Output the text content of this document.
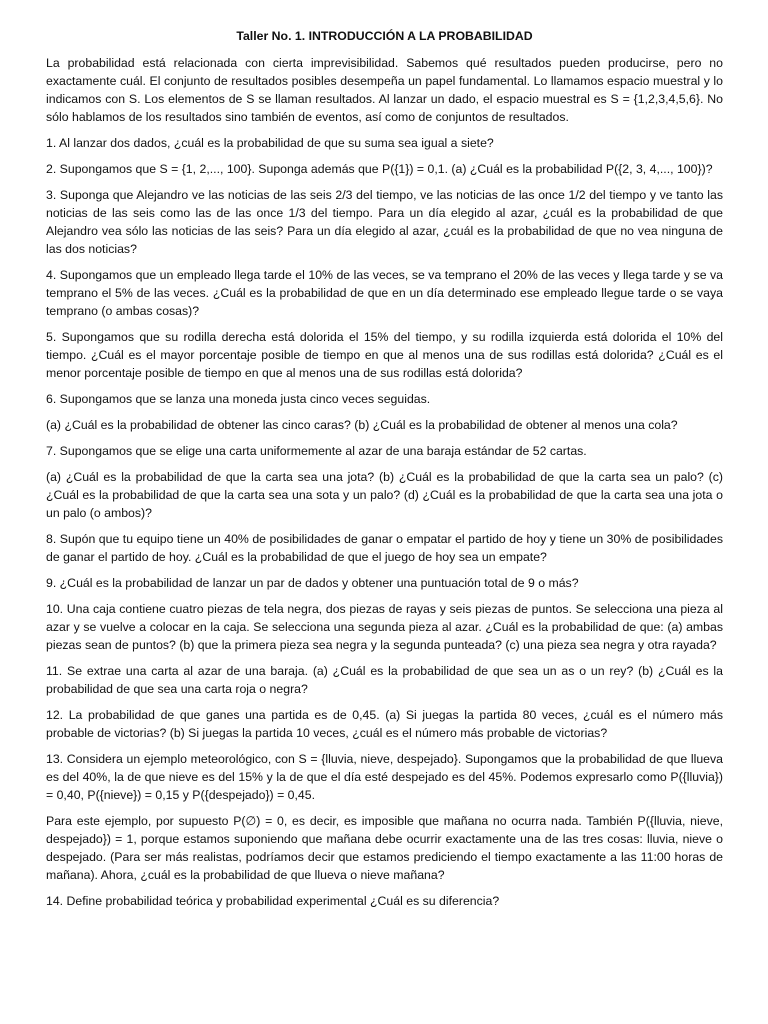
Taller No. 1. INTRODUCCIÓN A LA PROBABILIDAD

La probabilidad está relacionada con cierta imprevisibilidad. Sabemos qué resultados pueden producirse, pero no exactamente cuál. El conjunto de resultados posibles desempeña un papel fundamental. Lo llamamos espacio muestral y lo indicamos con S. Los elementos de S se llaman resultados. Al lanzar un dado, el espacio muestral es S = {1,2,3,4,5,6}. No sólo hablamos de los resultados sino también de eventos, así como de conjuntos de resultados.

1. Al lanzar dos dados, ¿cuál es la probabilidad de que su suma sea igual a siete?

2. Supongamos que S = {1, 2,..., 100}. Suponga además que P({1}) = 0,1. (a) ¿Cuál es la probabilidad P({2, 3, 4,..., 100})?

3. Suponga que Alejandro ve las noticias de las seis 2/3 del tiempo, ve las noticias de las once 1/2 del tiempo y ve tanto las noticias de las seis como las de las once 1/3 del tiempo. Para un día elegido al azar, ¿cuál es la probabilidad de que Alejandro vea sólo las noticias de las seis? Para un día elegido al azar, ¿cuál es la probabilidad de que no vea ninguna de las dos noticias?

4. Supongamos que un empleado llega tarde el 10% de las veces, se va temprano el 20% de las veces y llega tarde y se va temprano el 5% de las veces. ¿Cuál es la probabilidad de que en un día determinado ese empleado llegue tarde o se vaya temprano (o ambas cosas)?

5. Supongamos que su rodilla derecha está dolorida el 15% del tiempo, y su rodilla izquierda está dolorida el 10% del tiempo. ¿Cuál es el mayor porcentaje posible de tiempo en que al menos una de sus rodillas está dolorida? ¿Cuál es el menor porcentaje posible de tiempo en que al menos una de sus rodillas está dolorida?

6. Supongamos que se lanza una moneda justa cinco veces seguidas.

(a) ¿Cuál es la probabilidad de obtener las cinco caras? (b) ¿Cuál es la probabilidad de obtener al menos una cola?

7. Supongamos que se elige una carta uniformemente al azar de una baraja estándar de 52 cartas.

(a) ¿Cuál es la probabilidad de que la carta sea una jota? (b) ¿Cuál es la probabilidad de que la carta sea un palo? (c) ¿Cuál es la probabilidad de que la carta sea una sota y un palo? (d) ¿Cuál es la probabilidad de que la carta sea una jota o un palo (o ambos)?

8. Supón que tu equipo tiene un 40% de posibilidades de ganar o empatar el partido de hoy y tiene un 30% de posibilidades de ganar el partido de hoy. ¿Cuál es la probabilidad de que el juego de hoy sea un empate?

9. ¿Cuál es la probabilidad de lanzar un par de dados y obtener una puntuación total de 9 o más?

10. Una caja contiene cuatro piezas de tela negra, dos piezas de rayas y seis piezas de puntos. Se selecciona una pieza al azar y se vuelve a colocar en la caja. Se selecciona una segunda pieza al azar. ¿Cuál es la probabilidad de que: (a) ambas piezas sean de puntos? (b) que la primera pieza sea negra y la segunda punteada? (c) una pieza sea negra y otra rayada?

11. Se extrae una carta al azar de una baraja. (a) ¿Cuál es la probabilidad de que sea un as o un rey? (b) ¿Cuál es la probabilidad de que sea una carta roja o negra?

12. La probabilidad de que ganes una partida es de 0,45. (a) Si juegas la partida 80 veces, ¿cuál es el número más probable de victorias? (b) Si juegas la partida 10 veces, ¿cuál es el número más probable de victorias?

13. Considera un ejemplo meteorológico, con S = {lluvia, nieve, despejado}. Supongamos que la probabilidad de que llueva es del 40%, la de que nieve es del 15% y la de que el día esté despejado es del 45%. Podemos expresarlo como P({lluvia}) = 0,40, P({nieve}) = 0,15 y P({despejado}) = 0,45.

Para este ejemplo, por supuesto P(∅) = 0, es decir, es imposible que mañana no ocurra nada. También P({lluvia, nieve, despejado}) = 1, porque estamos suponiendo que mañana debe ocurrir exactamente una de las tres cosas: lluvia, nieve o despejado. (Para ser más realistas, podríamos decir que estamos prediciendo el tiempo exactamente a las 11:00 horas de mañana). Ahora, ¿cuál es la probabilidad de que llueva o nieve mañana?

14. Define probabilidad teórica y probabilidad experimental ¿Cuál es su diferencia?
